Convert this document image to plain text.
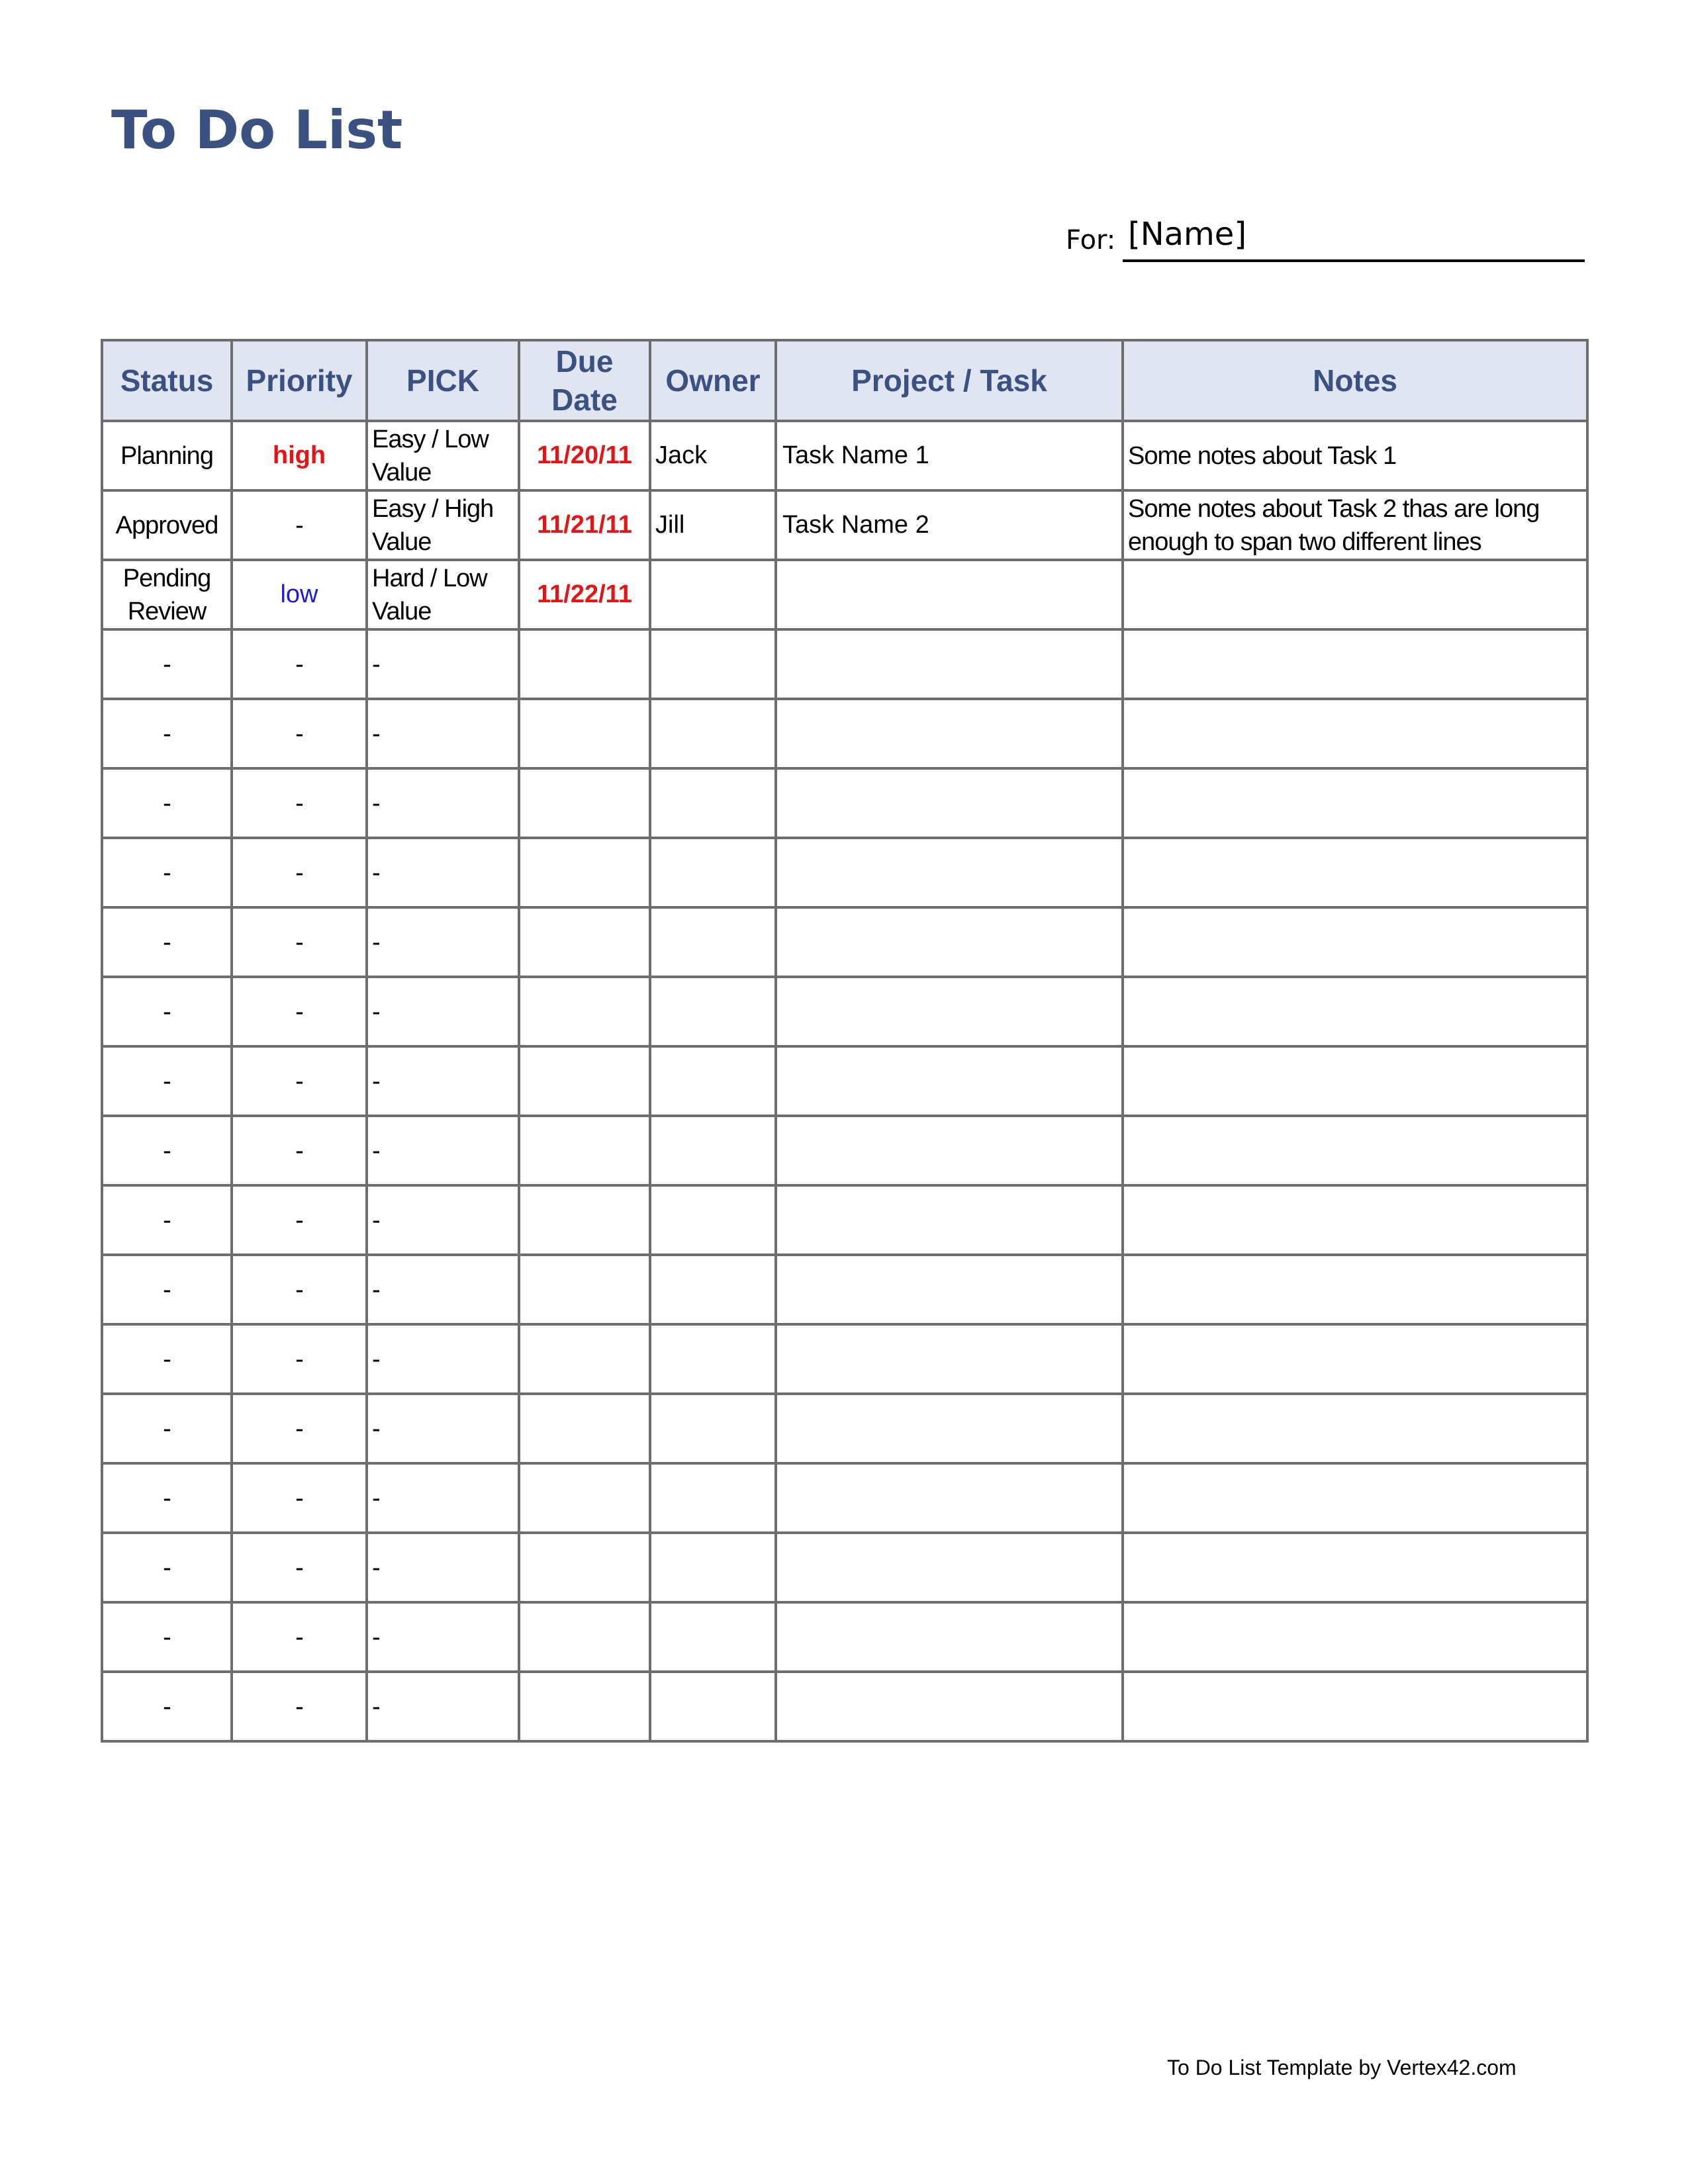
To Do List
For: [Name]
Status	Priority	PICK	Due Date	Owner	Project / Task	Notes
Planning	high	Easy / Low Value	11/20/11	Jack	Task Name 1	Some notes about Task 1
Approved	-	Easy / High Value	11/21/11	Jill	Task Name 2	Some notes about Task 2 thas are long enough to span two different lines
Pending Review	low	Hard / Low Value	11/22/11			
-	-	-				
-	-	-				
-	-	-				
-	-	-				
-	-	-				
-	-	-				
-	-	-				
-	-	-				
-	-	-				
-	-	-				
-	-	-				
-	-	-				
-	-	-				
-	-	-				
-	-	-				
-	-	-				
To Do List Template by Vertex42.com
